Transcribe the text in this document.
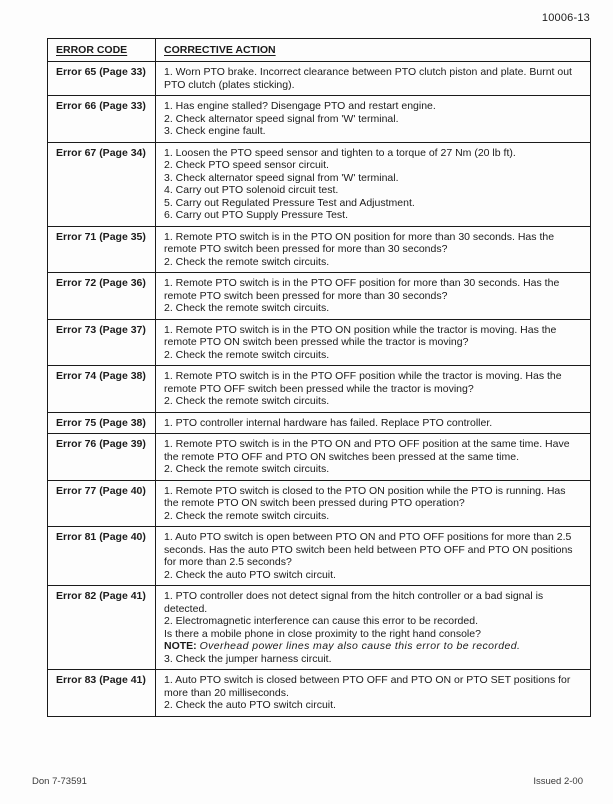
10006-13
ERROR CODE	CORRECTIVE ACTION
Error 65 (Page 33)	1. Worn PTO brake. Incorrect clearance between PTO clutch piston and plate. Burnt out PTO clutch (plates sticking).

Error 66 (Page 33)	1. Has engine stalled? Disengage PTO and restart engine.
2. Check alternator speed signal from 'W' terminal.
3. Check engine fault.

Error 67 (Page 34)	1. Loosen the PTO speed sensor and tighten to a torque of 27 Nm (20 lb ft).
2. Check PTO speed sensor circuit.
3. Check alternator speed signal from 'W' terminal.
4. Carry out PTO solenoid circuit test.
5. Carry out Regulated Pressure Test and Adjustment.
6. Carry out PTO Supply Pressure Test.

Error 71 (Page 35)	1. Remote PTO switch is in the PTO ON position for more than 30 seconds. Has the remote PTO switch been pressed for more than 30 seconds?
2. Check the remote switch circuits.

Error 72 (Page 36)	1. Remote PTO switch is in the PTO OFF position for more than 30 seconds. Has the remote PTO switch been pressed for more than 30 seconds?
2. Check the remote switch circuits.

Error 73 (Page 37)	1. Remote PTO switch is in the PTO ON position while the tractor is moving. Has the remote PTO ON switch been pressed while the tractor is moving?
2. Check the remote switch circuits.

Error 74 (Page 38)	1. Remote PTO switch is in the PTO OFF position while the tractor is moving. Has the remote PTO OFF switch been pressed while the tractor is moving?
2. Check the remote switch circuits.

Error 75 (Page 38)	1. PTO controller internal hardware has failed. Replace PTO controller.

Error 76 (Page 39)	1. Remote PTO switch is in the PTO ON and PTO OFF position at the same time. Have the remote PTO OFF and PTO ON switches been pressed at the same time.
2. Check the remote switch circuits.

Error 77 (Page 40)	1. Remote PTO switch is closed to the PTO ON position while the PTO is running. Has the remote PTO ON switch been pressed during PTO operation?
2. Check the remote switch circuits.

Error 81 (Page 40)	1. Auto PTO switch is open between PTO ON and PTO OFF positions for more than 2.5 seconds. Has the auto PTO switch been held between PTO OFF and PTO ON positions for more than 2.5 seconds?
2. Check the auto PTO switch circuit.

Error 82 (Page 41)	1. PTO controller does not detect signal from the hitch controller or a bad signal is detected.
2. Electromagnetic interference can cause this error to be recorded.
Is there a mobile phone in close proximity to the right hand console?
NOTE: Overhead power lines may also cause this error to be recorded.
3. Check the jumper harness circuit.

Error 83 (Page 41)	1. Auto PTO switch is closed between PTO OFF and PTO ON or PTO SET positions for more than 20 milliseconds.
2. Check the auto PTO switch circuit.
Don 7-73591	Issued 2-00
